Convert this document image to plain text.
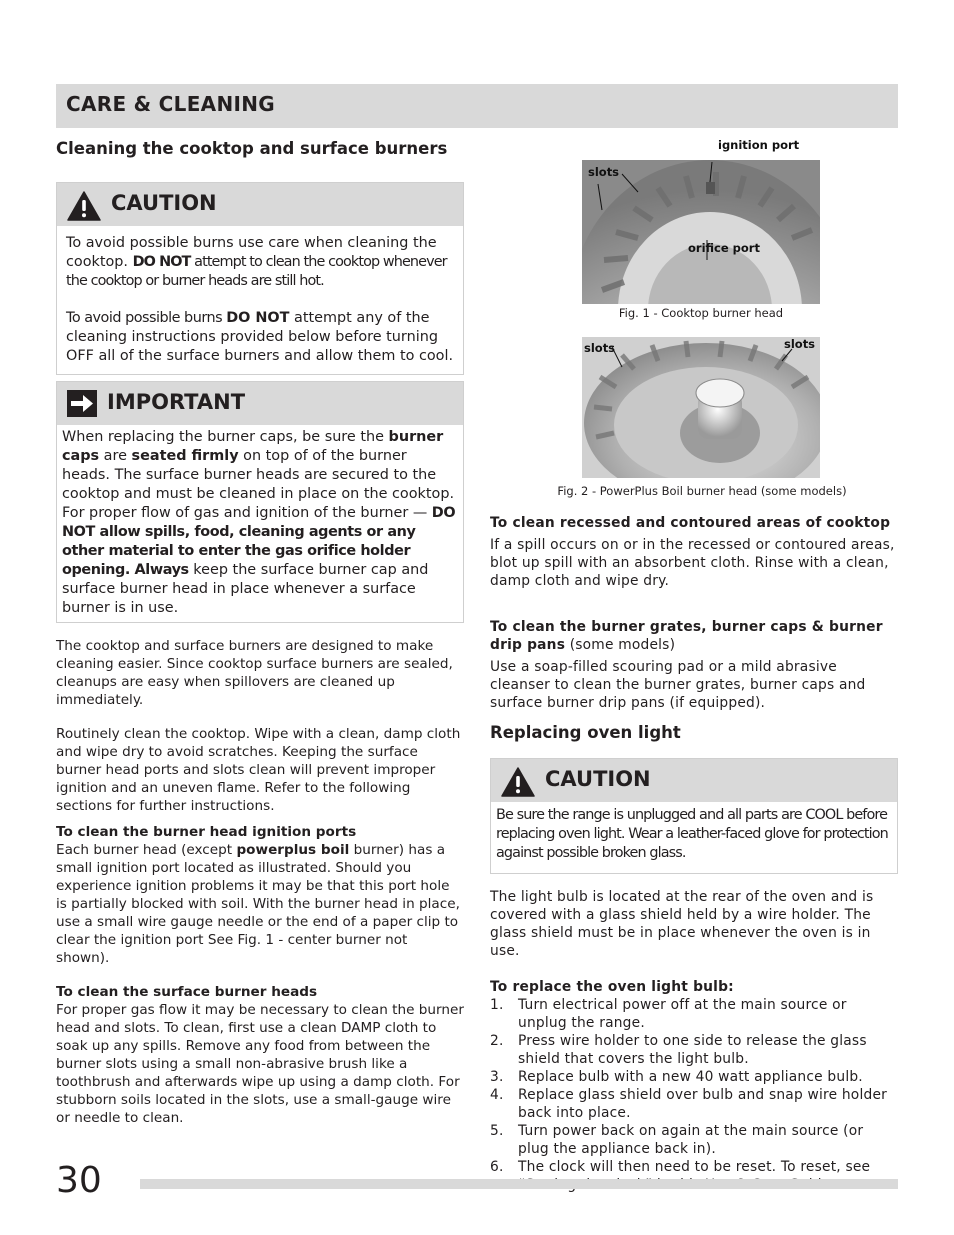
CARE & CLEANING
Cleaning the cooktop and surface burners
CAUTION

To avoid possible burns use care when cleaning the cooktop. DO NOT attempt to clean the cooktop whenever the cooktop or burner heads are still hot.

To avoid possible burns DO NOT attempt any of the cleaning instructions provided below before turning OFF all of the surface burners and allow them to cool.

IMPORTANT

When replacing the burner caps, be sure the burner caps are seated firmly on top of of the burner heads. The surface burner heads are secured to the cooktop and must be cleaned in place on the cooktop.

For proper flow of gas and ignition of the burner — DO NOT allow spills, food, cleaning agents or any other material to enter the gas orifice holder opening. Always keep the surface burner cap and surface burner head in place whenever a surface burner is in use.

The cooktop and surface burners are designed to make cleaning easier. Since cooktop surface burners are sealed, cleanups are easy when spillovers are cleaned up immediately.

Routinely clean the cooktop. Wipe with a clean, damp cloth and wipe dry to avoid scratches. Keeping the surface burner head ports and slots clean will prevent improper ignition and an uneven flame. Refer to the following sections for further instructions.

To clean the burner head ignition ports

Each burner head (except powerplus boil burner) has a small ignition port located as illustrated. Should you experience ignition problems it may be that this port hole is partially blocked with soil. With the burner head in place, use a small wire gauge needle or the end of a paper clip to clear the ignition port See Fig. 1 - center burner not shown).

To clean the surface burner heads

For proper gas flow it may be necessary to clean the burner head and slots. To clean, first use a clean DAMP cloth to soak up any spills. Remove any food from between the burner slots using a small non-abrasive brush like a toothbrush and afterwards wipe up using a damp cloth. For stubborn soils located in the slots, use a small-gauge wire or needle to clean.

ignition port
slots
orifice port

Fig. 1 - Cooktop burner head

slots	slots

Fig. 2 - PowerPlus Boil burner head (some models)

To clean recessed and contoured areas of cooktop

If a spill occurs on or in the recessed or contoured areas, blot up spill with an absorbent cloth. Rinse with a clean, damp cloth and wipe dry.

To clean the burner grates, burner caps & burner drip pans (some models)

Use a soap-filled scouring pad or a mild abrasive cleanser to clean the burner grates, burner caps and surface burner drip pans (if equipped).

Replacing oven light
CAUTION

Be sure the range is unplugged and all parts are COOL before replacing oven light. Wear a leather-faced glove for protection against possible broken glass.

The light bulb is located at the rear of the oven and is covered with a glass shield held by a wire holder. The glass shield must be in place whenever the oven is in use.

To replace the oven light bulb:

1. Turn electrical power off at the main source or unplug the range.
2. Press wire holder to one side to release the glass shield that covers the light bulb.
3. Replace bulb with a new 40 watt appliance bulb.
4. Replace glass shield over bulb and snap wire holder back into place.
5. Turn power back on again at the main source (or plug the appliance back in).
6. The clock will then need to be reset. To reset, see
30
